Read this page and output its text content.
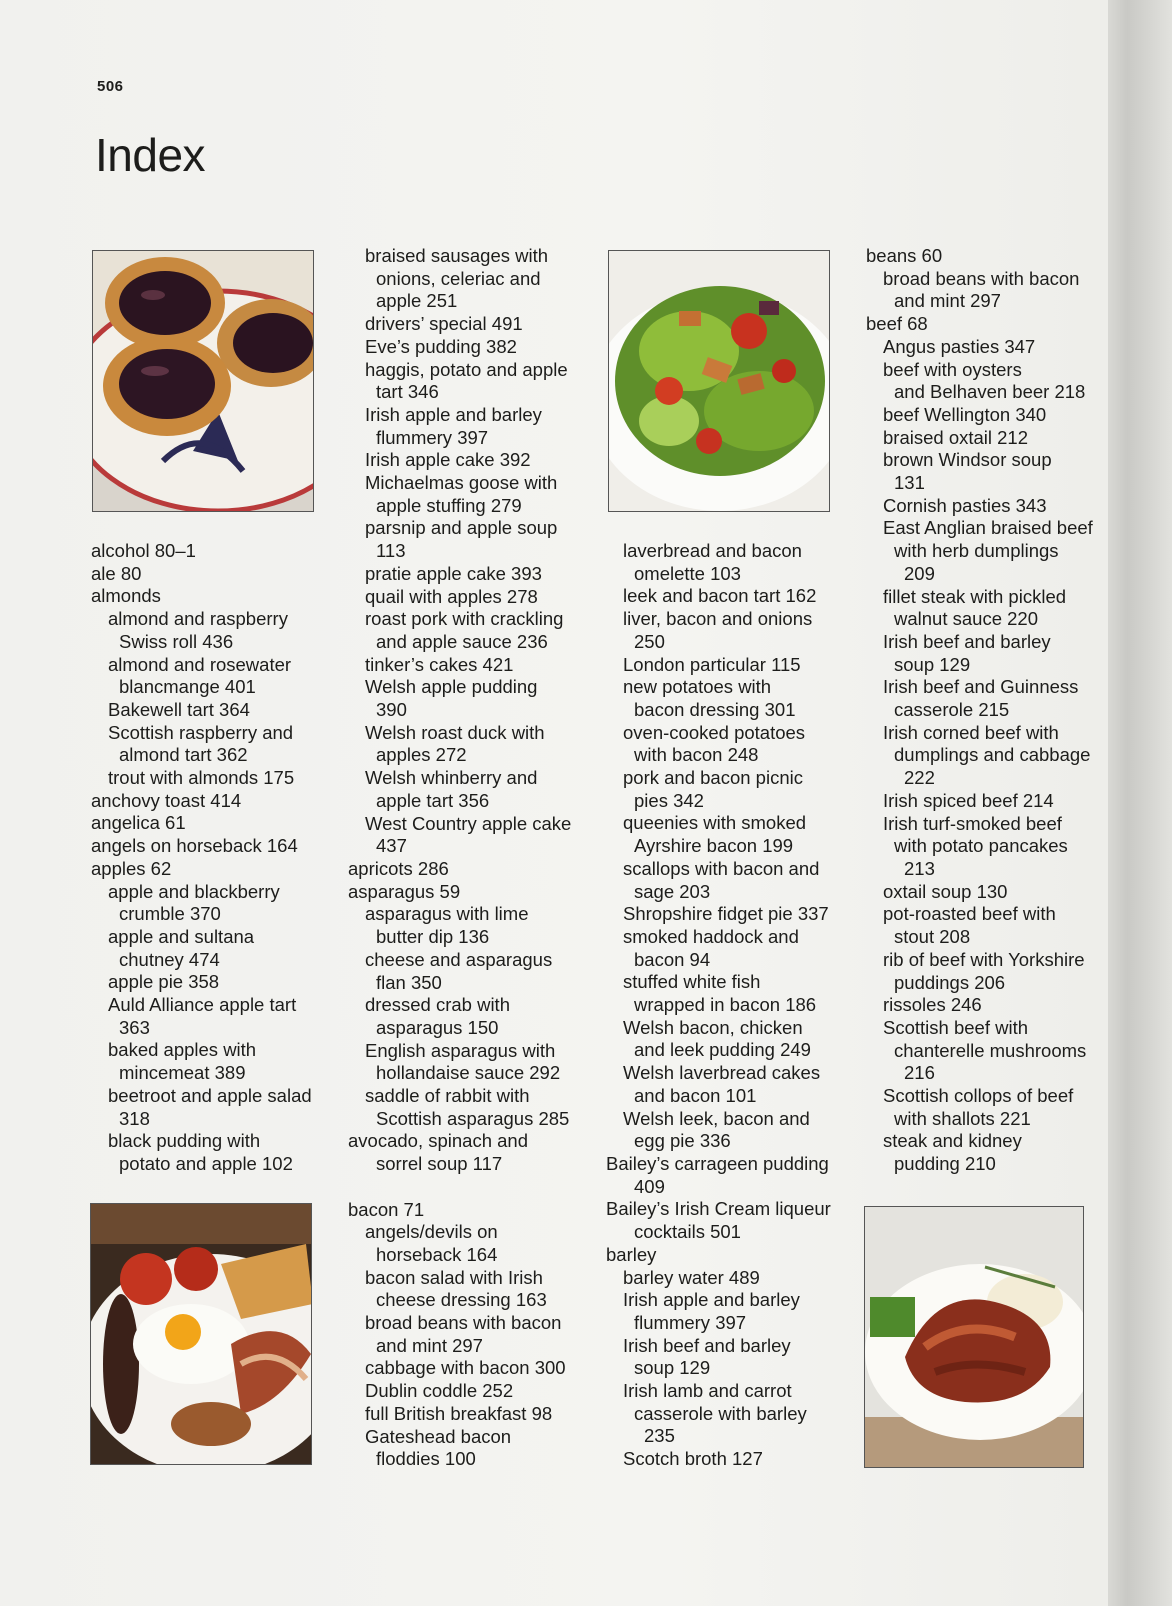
506
Index
alcohol 80–1
ale 80
almonds
almond and raspberry
Swiss roll 436
almond and rosewater
blancmange 401
Bakewell tart 364
Scottish raspberry and
almond tart 362
trout with almonds 175
anchovy toast 414
angelica 61
angels on horseback 164
apples 62
apple and blackberry
crumble 370
apple and sultana
chutney 474
apple pie 358
Auld Alliance apple tart
363
baked apples with
mincemeat 389
beetroot and apple salad
318
black pudding with
potato and apple 102
braised sausages with
onions, celeriac and
apple 251
drivers’ special 491
Eve’s pudding 382
haggis, potato and apple
tart 346
Irish apple and barley
flummery 397
Irish apple cake 392
Michaelmas goose with
apple stuffing 279
parsnip and apple soup
113
pratie apple cake 393
quail with apples 278
roast pork with crackling
and apple sauce 236
tinker’s cakes 421
Welsh apple pudding
390
Welsh roast duck with
apples 272
Welsh whinberry and
apple tart 356
West Country apple cake
437
apricots 286
asparagus 59
asparagus with lime
butter dip 136
cheese and asparagus
flan 350
dressed crab with
asparagus 150
English asparagus with
hollandaise sauce 292
saddle of rabbit with
Scottish asparagus 285
avocado, spinach and
sorrel soup 117
bacon 71
angels/devils on
horseback 164
bacon salad with Irish
cheese dressing 163
broad beans with bacon
and mint 297
cabbage with bacon 300
Dublin coddle 252
full British breakfast 98
Gateshead bacon
floddies 100
laverbread and bacon
omelette 103
leek and bacon tart 162
liver, bacon and onions
250
London particular 115
new potatoes with
bacon dressing 301
oven-cooked potatoes
with bacon 248
pork and bacon picnic
pies 342
queenies with smoked
Ayrshire bacon 199
scallops with bacon and
sage 203
Shropshire fidget pie 337
smoked haddock and
bacon 94
stuffed white fish
wrapped in bacon 186
Welsh bacon, chicken
and leek pudding 249
Welsh laverbread cakes
and bacon 101
Welsh leek, bacon and
egg pie 336
Bailey’s carrageen pudding
409
Bailey’s Irish Cream liqueur
cocktails 501
barley
barley water 489
Irish apple and barley
flummery 397
Irish beef and barley
soup 129
Irish lamb and carrot
casserole with barley
235
Scotch broth 127
beans 60
broad beans with bacon
and mint 297
beef 68
Angus pasties 347
beef with oysters
and Belhaven beer 218
beef Wellington 340
braised oxtail 212
brown Windsor soup
131
Cornish pasties 343
East Anglian braised beef
with herb dumplings
209
fillet steak with pickled
walnut sauce 220
Irish beef and barley
soup 129
Irish beef and Guinness
casserole 215
Irish corned beef with
dumplings and cabbage
222
Irish spiced beef 214
Irish turf-smoked beef
with potato pancakes
213
oxtail soup 130
pot-roasted beef with
stout 208
rib of beef with Yorkshire
puddings 206
rissoles 246
Scottish beef with
chanterelle mushrooms
216
Scottish collops of beef
with shallots 221
steak and kidney
pudding 210
